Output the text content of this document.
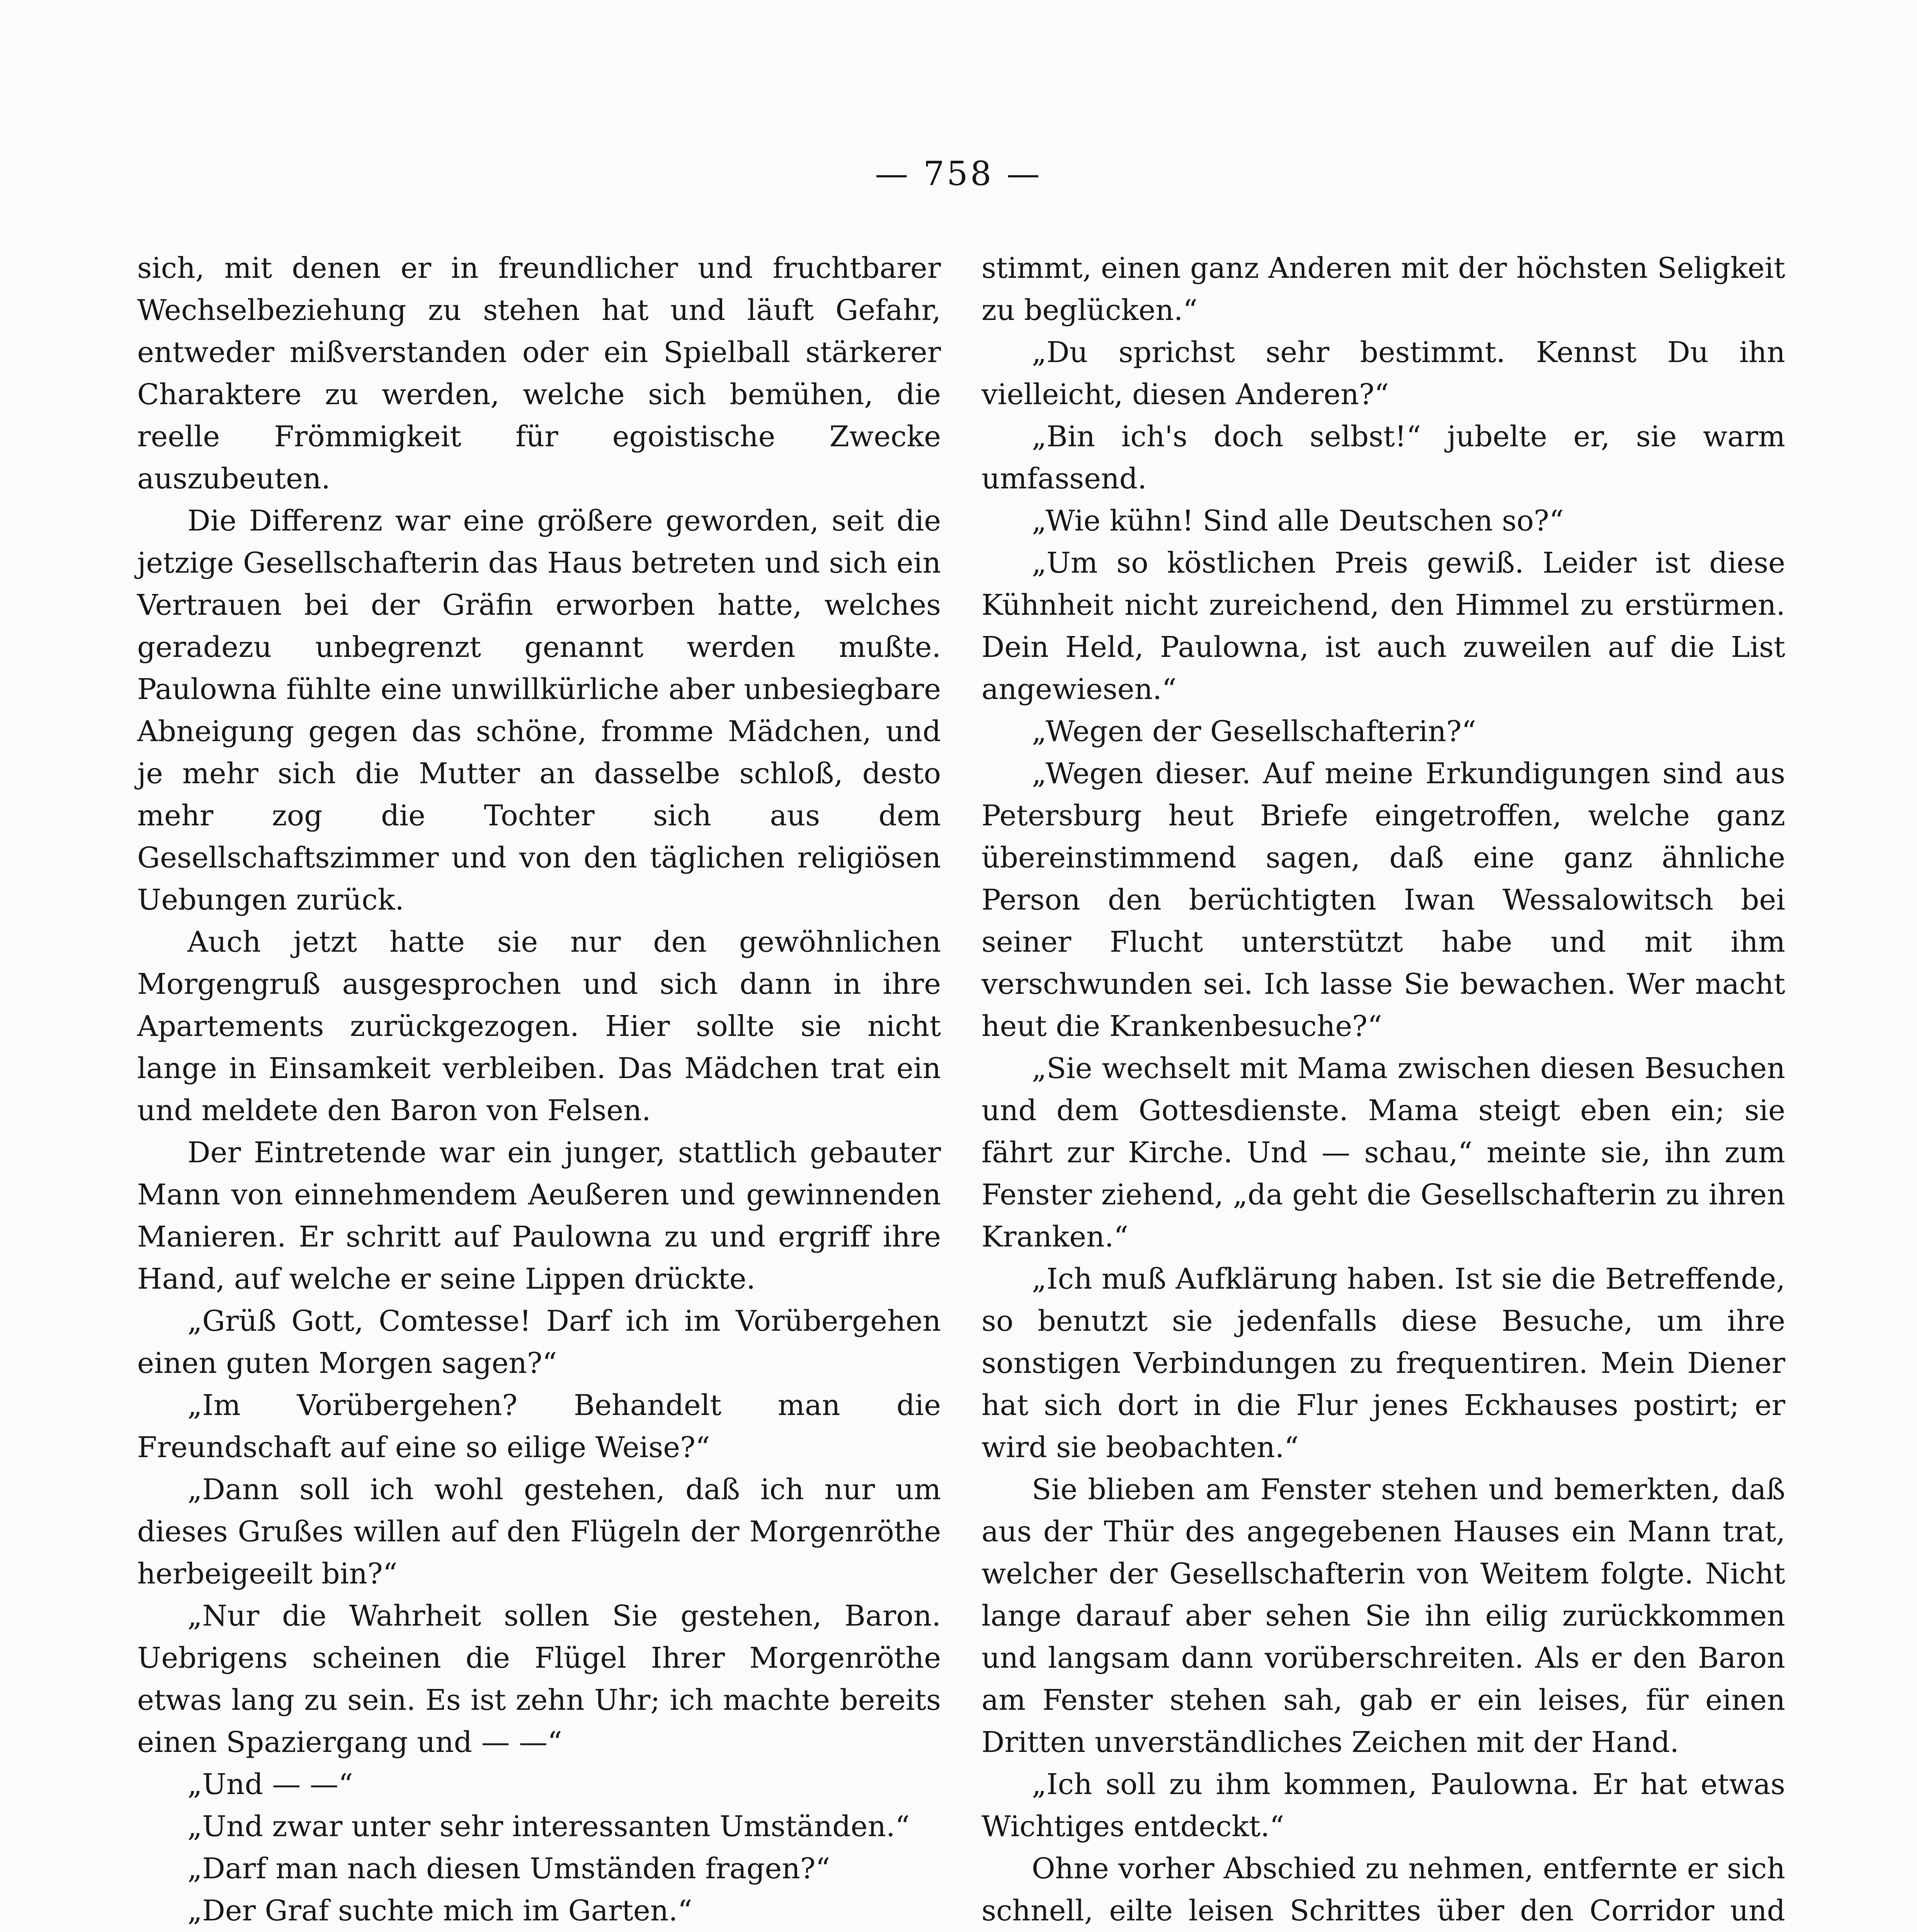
— 758 —

sich, mit denen er in freundlicher und fruchtbarer Wechselbeziehung zu stehen hat und läuft Gefahr, entweder mißverstanden oder ein Spielball stärkerer Charaktere zu werden, welche sich bemühen, die reelle Frömmigkeit für egoistische Zwecke auszubeuten.

Die Differenz war eine größere geworden, seit die jetzige Gesellschafterin das Haus betreten und sich ein Vertrauen bei der Gräfin erworben hatte, welches geradezu unbegrenzt genannt werden mußte. Paulowna fühlte eine unwillkürliche aber unbesiegbare Abneigung gegen das schöne, fromme Mädchen, und je mehr sich die Mutter an dasselbe schloß, desto mehr zog die Tochter sich aus dem Gesellschaftszimmer und von den täglichen religiösen Uebungen zurück.

Auch jetzt hatte sie nur den gewöhnlichen Morgengruß ausgesprochen und sich dann in ihre Apartements zurückgezogen. Hier sollte sie nicht lange in Einsamkeit verbleiben. Das Mädchen trat ein und meldete den Baron von Felsen.

Der Eintretende war ein junger, stattlich gebauter Mann von einnehmendem Aeußeren und gewinnenden Manieren. Er schritt auf Paulowna zu und ergriff ihre Hand, auf welche er seine Lippen drückte.

„Grüß Gott, Comtesse! Darf ich im Vorübergehen einen guten Morgen sagen?“

„Im Vorübergehen? Behandelt man die Freundschaft auf eine so eilige Weise?“

„Dann soll ich wohl gestehen, daß ich nur um dieses Grußes willen auf den Flügeln der Morgenröthe herbeigeeilt bin?“

„Nur die Wahrheit sollen Sie gestehen, Baron. Uebrigens scheinen die Flügel Ihrer Morgenröthe etwas lang zu sein. Es ist zehn Uhr; ich machte bereits einen Spaziergang und — —“

„Und — —“

„Und zwar unter sehr interessanten Umständen.“

„Darf man nach diesen Umständen fragen?“

„Der Graf suchte mich im Garten.“

stimmt, einen ganz Anderen mit der höchsten Seligkeit zu beglücken.“

„Du sprichst sehr bestimmt. Kennst Du ihn vielleicht, diesen Anderen?“

„Bin ich's doch selbst!“ jubelte er, sie warm umfassend.

„Wie kühn! Sind alle Deutschen so?“

„Um so köstlichen Preis gewiß. Leider ist diese Kühnheit nicht zureichend, den Himmel zu erstürmen. Dein Held, Paulowna, ist auch zuweilen auf die List angewiesen.“

„Wegen der Gesellschafterin?“

„Wegen dieser. Auf meine Erkundigungen sind aus Petersburg heut Briefe eingetroffen, welche ganz übereinstimmend sagen, daß eine ganz ähnliche Person den berüchtigten Iwan Wessalowitsch bei seiner Flucht unterstützt habe und mit ihm verschwunden sei. Ich lasse Sie bewachen. Wer macht heut die Krankenbesuche?“

„Sie wechselt mit Mama zwischen diesen Besuchen und dem Gottesdienste. Mama steigt eben ein; sie fährt zur Kirche. Und — schau,“ meinte sie, ihn zum Fenster ziehend, „da geht die Gesellschafterin zu ihren Kranken.“

„Ich muß Aufklärung haben. Ist sie die Betreffende, so benutzt sie jedenfalls diese Besuche, um ihre sonstigen Verbindungen zu frequentiren. Mein Diener hat sich dort in die Flur jenes Eckhauses postirt; er wird sie beobachten.“

Sie blieben am Fenster stehen und bemerkten, daß aus der Thür des angegebenen Hauses ein Mann trat, welcher der Gesellschafterin von Weitem folgte. Nicht lange darauf aber sehen Sie ihn eilig zurückkommen und langsam dann vorüberschreiten. Als er den Baron am Fenster stehen sah, gab er ein leises, für einen Dritten unverständliches Zeichen mit der Hand.

„Ich soll zu ihm kommen, Paulowna. Er hat etwas Wichtiges entdeckt.“

Ohne vorher Abschied zu nehmen, entfernte er sich schnell, eilte leisen Schrittes über den Corridor und
